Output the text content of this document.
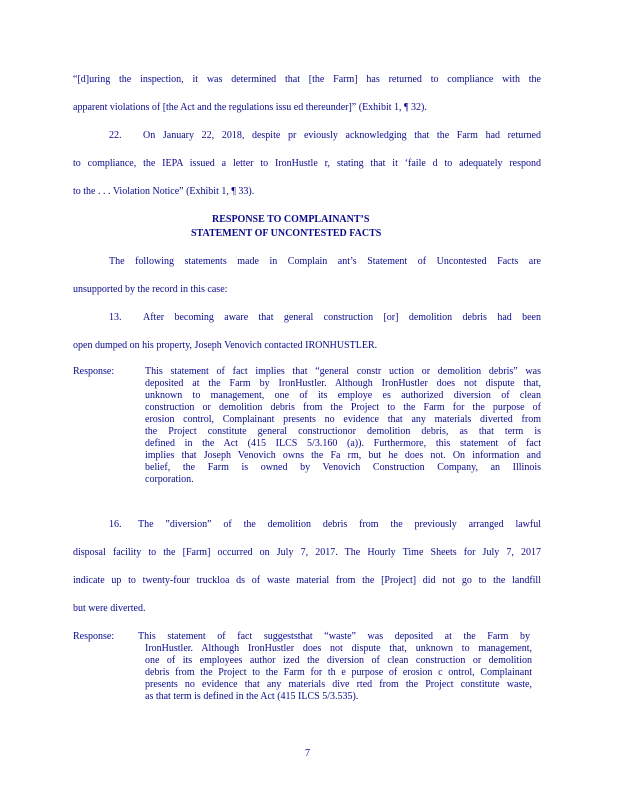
“[d]uring the inspection, it was determined that [the Farm] has returned to compliance with the
apparent violations of [the Act and the regulations issu ed thereunder]” (Exhibit 1, ¶ 32).
22. On January 22, 2018, despite pr eviously acknowledging that the Farm had returned
to compliance, the IEPA issued a letter to IronHustle r, stating that it ‘faile d to adequately respond
to the . . . Violation Notice” (Exhibit 1, ¶ 33).
RESPONSE TO COMPLAINANT’S
STATEMENT OF UNCONTESTED FACTS
The following statements made in Complain ant’s Statement of Uncontested Facts are
unsupported by the record in this case:
13. After becoming aware that general construction [or] demolition debris had been
open dumped on his property, Joseph Venovich contacted IRONHUSTLER.
Response:	This statement of fact implies that “general constr uction or demolition debris” was
deposited at the Farm by IronHustler. Although IronHustler does not dispute that,
unknown to management, one of its employe es authorized diversion of clean
construction or demolition debris from the Project to the Farm for the purpose of
erosion control, Complainant presents no evidence that any materials diverted from
the Project constitute general constructionor demolition debris, as that term is
defined in the Act (415 ILCS 5/3.160 (a)). Furthermore, this statement of fact
implies that Joseph Venovich owns the Fa rm, but he does not. On information and
belief, the Farm is owned by Venovich Construction Company, an Illinois
corporation.
16. The ”diversion” of the demolition debris from the previously arranged lawful
disposal facility to the [Farm] occurred on July 7, 2017. The Hourly Time Sheets for July 7, 2017
indicate up to twenty-four truckloa ds of waste material from the [Project] did not go to the landfill
but were diverted.
Response: This statement of fact suggeststhat “waste” was deposited at the Farm by
IronHustler. Although IronHustler does not dispute that, unknown to management,
one of its employees author ized the diversion of clean construction or demolition
debris from the Project to the Farm for th e purpose of erosion c ontrol, Complainant
presents no evidence that any materials dive rted from the Project constitute waste,
as that term is defined in the Act (415 ILCS 5/3.535).
7
